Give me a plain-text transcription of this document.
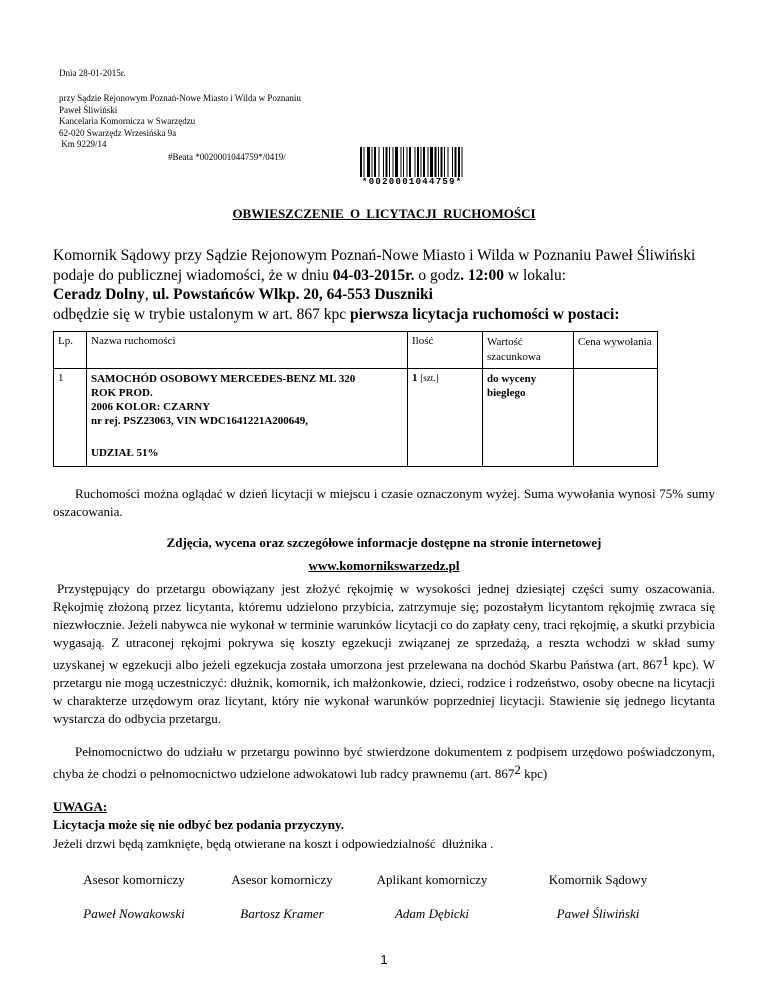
Dnia 28-01-2015r.
przy Sądzie Rejonowym Poznań-Nowe Miasto i Wilda w Poznaniu
Paweł Śliwiński
Kancelaria Komornicza w Swarzędzu
62-020 Swarzędz Wrzesińska 9a
Km 9229/14
#Beata *0020001044759*/0419/
*0020001044759*
OBWIESZCZENIE O LICYTACJI RUCHOMOŚCI

Komornik Sądowy przy Sądzie Rejonowym Poznań-Nowe Miasto i Wilda w Poznaniu Paweł Śliwiński

podaje do publicznej wiadomości, że w dniu 04-03-2015r. o godz. 12:00 w lokalu:

Ceradz Dolny, ul. Powstańców Wlkp. 20, 64-553 Duszniki

odbędzie się w trybie ustalonym w art. 867 kpc pierwsza licytacja ruchomości w postaci:

Lp.	Nazwa ruchomości	Ilość	Wartość szacunkowa	Cena wywołania
1	SAMOCHÓD OSOBOWY MERCEDES-BENZ ML 320
ROK PROD.
2006 KOLOR: CZARNY
nr rej. PSZ23063, VIN WDC1641221A200649,
UDZIAŁ 51%	1 [szt.]	do wyceny biegłego	
Ruchomości można oglądać w dzień licytacji w miejscu i czasie oznaczonym wyżej. Suma wywołania wynosi 75% sumy oszacowania.
Zdjęcia, wycena oraz szczegółowe informacje dostępne na stronie internetowej
www.komornikswarzedz.pl
Przystępujący do przetargu obowiązany jest złożyć rękojmię w wysokości jednej dziesiątej części sumy oszacowania. Rękojmię złożoną przez licytanta, któremu udzielono przybicia, zatrzymuje się; pozostałym licytantom rękojmię zwraca się niezwłocznie. Jeżeli nabywca nie wykonał w terminie warunków licytacji co do zapłaty ceny, traci rękojmię, a skutki przybicia wygasają. Z utraconej rękojmi pokrywa się koszty egzekucji związanej ze sprzedażą, a reszta wchodzi w skład sumy uzyskanej w egzekucji albo jeżeli egzekucja została umorzona jest przelewana na dochód Skarbu Państwa (art. $867^1$ kpc). W przetargu nie mogą uczestniczyć: dłużnik, komornik, ich małżonkowie, dzieci, rodzice i rodzeństwo, osoby obecne na licytacji w charakterze urzędowym oraz licytant, który nie wykonał warunków poprzedniej licytacji. Stawienie się jednego licytanta wystarcza do odbycia przetargu.
Pełnomocnictwo do udziału w przetargu powinno być stwierdzone dokumentem z podpisem urzędowo poświadczonym, chyba że chodzi o pełnomocnictwo udzielone adwokatowi lub radcy prawnemu (art. $867^2$ kpc)
UWAGA:
Licytacja może się nie odbyć bez podania przyczyny.
Jeżeli drzwi będą zamknięte, będą otwierane na koszt i odpowiedzialność  dłużnika .
Asesor komorniczy
Paweł Nowakowski
Asesor komorniczy
Bartosz Kramer
Aplikant komorniczy
Adam Dębicki
Komornik Sądowy
Paweł Śliwiński
1
